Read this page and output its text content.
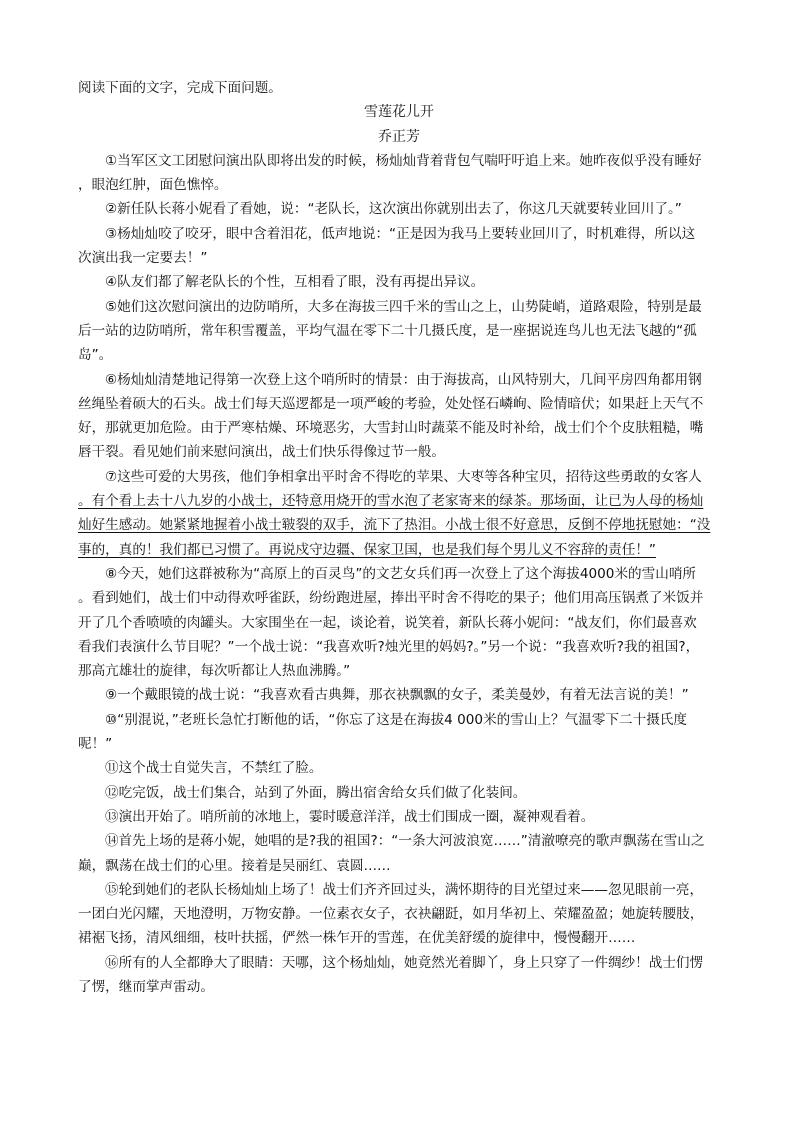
阅读下面的文字，完成下面问题。
雪莲花儿开
乔正芳
①当军区文工团慰问演出队即将出发的时候，杨灿灿背着背包气喘吁吁追上来。她昨夜似乎没有睡好
，眼泡红肿，面色憔悴。
②新任队长蒋小妮看了看她，说：“老队长，这次演出你就别出去了，你这几天就要转业回川了。”
③杨灿灿咬了咬牙，眼中含着泪花，低声地说：“正是因为我马上要转业回川了，时机难得，所以这
次演出我一定要去！”
④队友们都了解老队长的个性，互相看了眼，没有再提出异议。
⑤她们这次慰问演出的边防哨所，大多在海拔三四千米的雪山之上，山势陡峭，道路艰险，特别是最
后一站的边防哨所，常年积雪覆盖，平均气温在零下二十几摄氏度，是一座据说连鸟儿也无法飞越的“孤
岛”。
⑥杨灿灿清楚地记得第一次登上这个哨所时的情景：由于海拔高，山风特别大，几间平房四角都用钢
丝绳坠着硕大的石头。战士们每天巡逻都是一项严峻的考验，处处怪石嶙峋、险情暗伏；如果赶上天气不
好，那就更加危险。由于严寒枯燥、环境恶劣，大雪封山时蔬菜不能及时补给，战士们个个皮肤粗糙，嘴
唇干裂。看见她们前来慰问演出，战士们快乐得像过节一般。
⑦这些可爱的大男孩，他们争相拿出平时舍不得吃的苹果、大枣等各种宝贝，招待这些勇敢的女客人
。有个看上去十八九岁的小战士，还特意用烧开的雪水泡了老家寄来的绿茶。那场面，让已为人母的杨灿
灿好生感动。她紧紧地握着小战士皲裂的双手，流下了热泪。小战士很不好意思，反倒不停地抚慰她：“没
事的，真的！我们都已习惯了。再说戍守边疆、保家卫国，也是我们每个男儿义不容辞的责任！”
⑧今天，她们这群被称为“高原上的百灵鸟”的文艺女兵们再一次登上了这个海拔4000米的雪山哨所
。看到她们，战士们中动得欢呼雀跃，纷纷跑进屋，捧出平时舍不得吃的果子；他们用高压锅煮了米饭并
开了几个香喷喷的肉罐头。大家围坐在一起，谈论着，说笑着，新队长蒋小妮问：“战友们，你们最喜欢
看我们表演什么节目呢？”一个战士说：“我喜欢听?烛光里的妈妈?。”另一个说：“我喜欢听?我的祖国?，
那高亢雄壮的旋律，每次听都让人热血沸腾。”
⑨一个戴眼镜的战士说：“我喜欢看古典舞，那衣袂飘飘的女子，柔美曼妙，有着无法言说的美！”
⑩“别混说，”老班长急忙打断他的话，“你忘了这是在海拔4 000米的雪山上？气温零下二十摄氏度
呢！”
⑪这个战士自觉失言，不禁红了脸。
⑫吃完饭，战士们集合，站到了外面，腾出宿舍给女兵们做了化装间。
⑬演出开始了。哨所前的冰地上，霎时暖意洋洋，战士们围成一圈，凝神观看着。
⑭首先上场的是蒋小妮，她唱的是?我的祖国?：“一条大河波浪宽……”清澈嘹亮的歌声飘荡在雪山之
巅，飘荡在战士们的心里。接着是吴丽红、袁圆……
⑮轮到她们的老队长杨灿灿上场了！战士们齐齐回过头，满怀期待的目光望过来——忽见眼前一亮，
一团白光闪耀，天地澄明，万物安静。一位素衣女子，衣袂翩跹，如月华初上、荣耀盈盈；她旋转腰肢，
裙裾飞扬，清风细细，枝叶扶摇，俨然一株乍开的雪莲，在优美舒缓的旋律中，慢慢翻开……
⑯所有的人全都睁大了眼睛：天哪，这个杨灿灿，她竟然光着脚丫，身上只穿了一件绸纱！战士们愣
了愣，继而掌声雷动。
